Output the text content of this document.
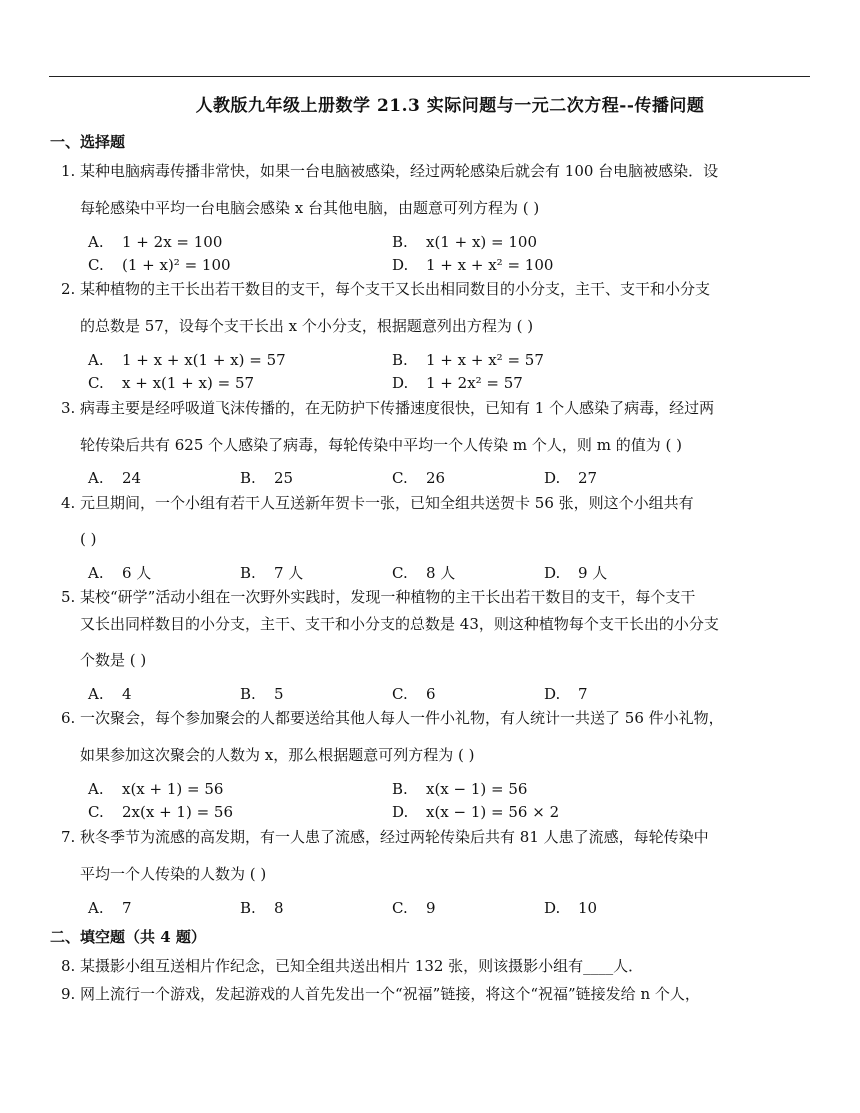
人教版九年级上册数学 21.3 实际问题与一元二次方程--传播问题
一、选择题
1. 某种电脑病毒传播非常快，如果一台电脑被感染，经过两轮感染后就会有 100 台电脑被感染．设
每轮感染中平均一台电脑会感染 x 台其他电脑，由题意可列方程为 ( )
A. 1 + 2x = 100	B. x(1 + x) = 100
C. (1 + x)² = 100	D. 1 + x + x² = 100
2. 某种植物的主干长出若干数目的支干，每个支干又长出相同数目的小分支，主干、支干和小分支
的总数是 57，设每个支干长出 x 个小分支，根据题意列出方程为 ( )
A. 1 + x + x(1 + x) = 57	B. 1 + x + x² = 57
C. x + x(1 + x) = 57	D. 1 + 2x² = 57
3. 病毒主要是经呼吸道飞沫传播的，在无防护下传播速度很快，已知有 1 个人感染了病毒，经过两
轮传染后共有 625 个人感染了病毒，每轮传染中平均一个人传染 m 个人，则 m 的值为 ( )
A. 24	B. 25	C. 26	D. 27
4. 元旦期间，一个小组有若干人互送新年贺卡一张，已知全组共送贺卡 56 张，则这个小组共有
( )
A. 6 人	B. 7 人	C. 8 人	D. 9 人
5. 某校“研学”活动小组在一次野外实践时，发现一种植物的主干长出若干数目的支干，每个支干
又长出同样数目的小分支，主干、支干和小分支的总数是 43，则这种植物每个支干长出的小分支
个数是 ( )
A. 4	B. 5	C. 6	D. 7
6. 一次聚会，每个参加聚会的人都要送给其他人每人一件小礼物，有人统计一共送了 56 件小礼物，
如果参加这次聚会的人数为 x，那么根据题意可列方程为 ( )
A. x(x + 1) = 56	B. x(x − 1) = 56
C. 2x(x + 1) = 56	D. x(x − 1) = 56 × 2
7. 秋冬季节为流感的高发期，有一人患了流感，经过两轮传染后共有 81 人患了流感，每轮传染中
平均一个人传染的人数为 ( )
A. 7	B. 8	C. 9	D. 10
二、填空题（共 4 题）
8. 某摄影小组互送相片作纪念，已知全组共送出相片 132 张，则该摄影小组有____人．
9. 网上流行一个游戏，发起游戏的人首先发出一个“祝福”链接，将这个“祝福”链接发给 n 个人，
